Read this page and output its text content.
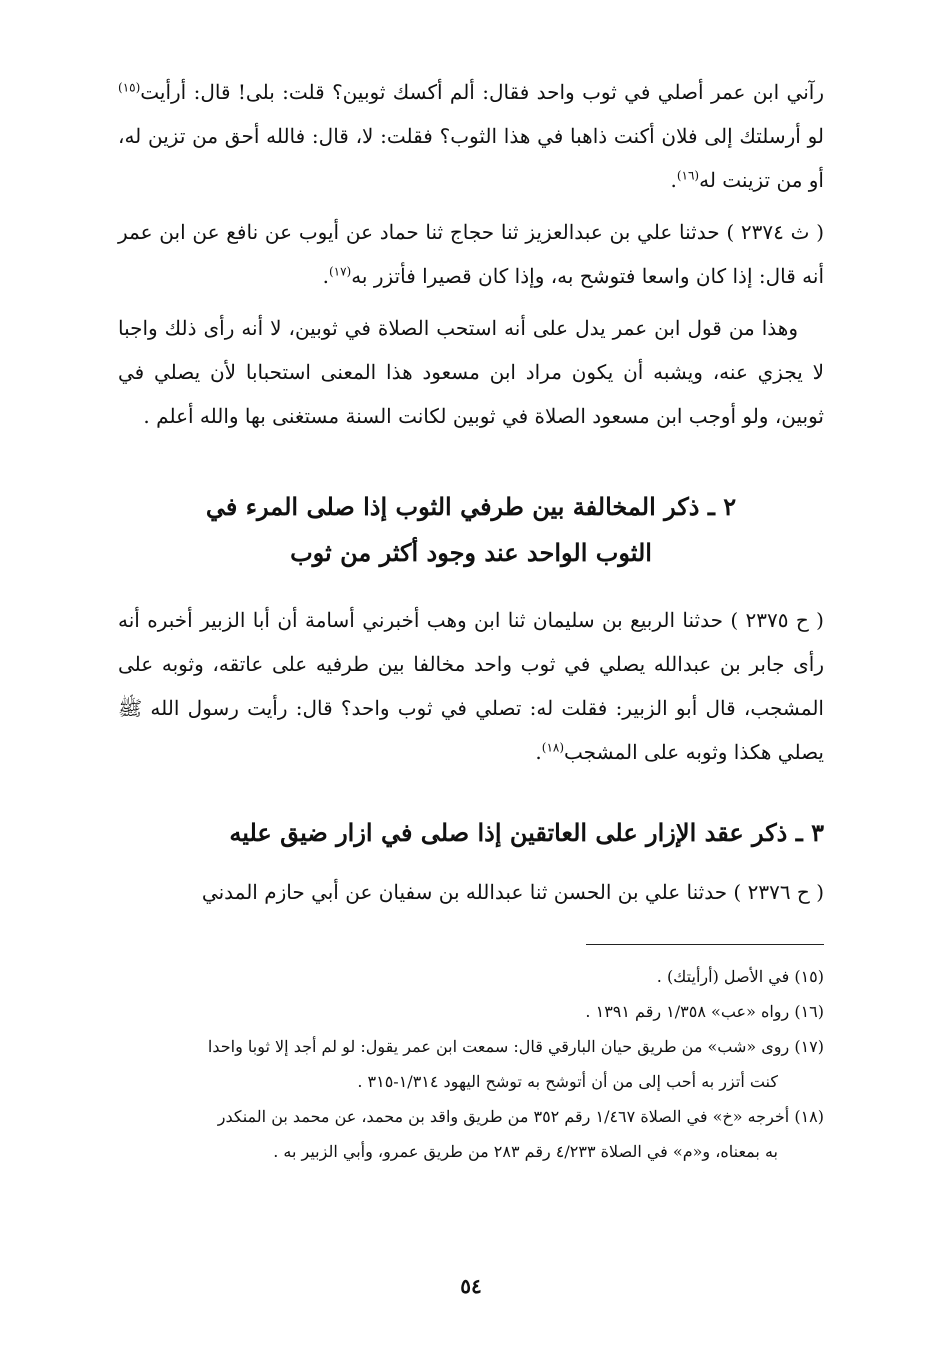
رآني ابن عمر أصلي في ثوب واحد فقال: ألم أكسك ثوبين؟ قلت: بلى! قال: أرأيت$^{(١٥)}$ لو أرسلتك إلى فلان أكنت ذاهبا في هذا الثوب؟ فقلت: لا، قال: فالله أحق من تزين له، أو من تزينت له$^{(١٦)}$.

( ث ٢٣٧٤ ) حدثنا علي بن عبدالعزيز ثنا حجاج ثنا حماد عن أيوب عن نافع عن ابن عمر أنه قال: إذا كان واسعا فتوشح به، وإذا كان قصيرا فأتزر به$^{(١٧)}$.

وهذا من قول ابن عمر يدل على أنه استحب الصلاة في ثوبين، لا أنه رأى ذلك واجبا لا يجزي عنه، ويشبه أن يكون مراد ابن مسعود هذا المعنى استحبابا لأن يصلي في ثوبين، ولو أوجب ابن مسعود الصلاة في ثوبين لكانت السنة مستغنى بها والله أعلم .

٢ ـ ذكر المخالفة بين طرفي الثوب إذا صلى المرء في
الثوب الواحد عند وجود أكثر من ثوب

( ح ٢٣٧٥ ) حدثنا الربيع بن سليمان ثنا ابن وهب أخبرني أسامة أن أبا الزبير أخبره أنه رأى جابر بن عبدالله يصلي في ثوب واحد مخالفا بين طرفيه على عاتقه، وثوبه على المشجب، قال أبو الزبير: فقلت له: تصلي في ثوب واحد؟ قال: رأيت رسول الله ﷺ يصلي هكذا وثوبه على المشجب$^{(١٨)}$.

٣ ـ ذكر عقد الإزار على العاتقين إذا صلى في ازار ضيق عليه

( ح ٢٣٧٦ ) حدثنا علي بن الحسن ثنا عبدالله بن سفيان عن أبي حازم المدني

(١٥) في الأصل (أرأيتك) .

(١٦) رواه «عب» ١/٣٥٨ رقم ١٣٩١ .

(١٧) روى «شب» من طريق حيان البارقي قال: سمعت ابن عمر يقول: لو لم أجد إلا ثوبا واحدا
كنت أتزر به أحب إلى من أن أتوشح به توشح اليهود ١/٣١٤-٣١٥ .

(١٨) أخرجه «خ» في الصلاة ١/٤٦٧ رقم ٣٥٢ من طريق واقد بن محمد، عن محمد بن المنكدر
به بمعناه، و«م» في الصلاة ٤/٢٣٣ رقم ٢٨٣ من طريق عمرو، وأبي الزبير به .

٥٤
